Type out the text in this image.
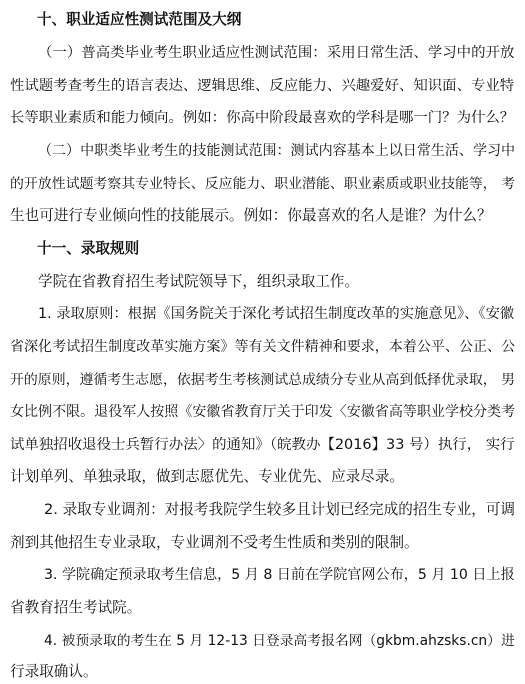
十、职业适应性测试范围及大纲
（一）普高类毕业考生职业适应性测试范围：采用日常生活、学习中的开放
性试题考查考生的语言表达、逻辑思维、反应能力、兴趣爱好、知识面、专业特
长等职业素质和能力倾向。例如：你高中阶段最喜欢的学科是哪一门？为什么？
（二）中职类毕业考生的技能测试范围：测试内容基本上以日常生活、学习中
的开放性试题考察其专业特长、反应能力、职业潜能、职业素质或职业技能等， 考
生也可进行专业倾向性的技能展示。例如：你最喜欢的名人是谁？为什么？
十一、录取规则
学院在省教育招生考试院领导下，组织录取工作。
1. 录取原则：根据《国务院关于深化考试招生制度改革的实施意见》、《安徽
省深化考试招生制度改革实施方案》等有关文件精神和要求，本着公平、公正、公
开的原则，遵循考生志愿，依据考生考核测试总成绩分专业从高到低择优录取， 男
女比例不限。退役军人按照《安徽省教育厅关于印发〈安徽省高等职业学校分类考
试单独招收退役士兵暂行办法〉的通知》（皖教办【2016】33 号）执行， 实行
计划单列、单独录取，做到志愿优先、专业优先、应录尽录。
2. 录取专业调剂：对报考我院学生较多且计划已经完成的招生专业，可调
剂到其他招生专业录取，专业调剂不受考生性质和类别的限制。
3. 学院确定预录取考生信息，5 月 8 日前在学院官网公布，5 月 10 日上报
省教育招生考试院。
4. 被预录取的考生在 5 月 12-13 日登录高考报名网（gkbm.ahzsks.cn）进
行录取确认。
